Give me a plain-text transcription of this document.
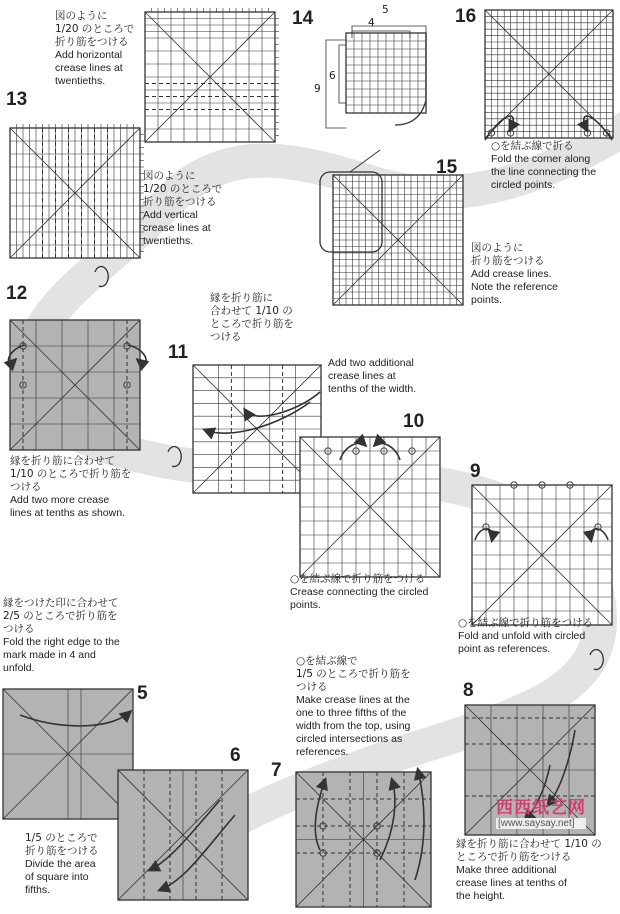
14	16
13
15
12
11
10
9
5
6
7
8
図のように
1/20 のところで
折り筋をつける
Add horizontal
crease lines at
twentieths.
図のように
1/20 のところで
折り筋をつける
Add vertical
crease lines at
twentieths.
○を結ぶ線で折る
Fold the corner along
the line connecting the
circled points.
図のように
折り筋をつける
Add crease lines.
Note the reference
points.
縁を折り筋に
合わせて 1/10 の
ところで折り筋を
つける
Add two additional
crease lines at
tenths of the width.
縁を折り筋に合わせて
1/10 のところで折り筋を
つける
Add two more crease
lines at tenths as shown.
○を結ぶ線で折り筋をつける
Crease connecting the circled
points.
○を結ぶ線で折り筋をつける
Fold and unfold with circled
point as references.
縁をつけた印に合わせて
2/5 のところで折り筋を
つける
Fold the right edge to the
mark made in 4 and
unfold.
1/5 のところで
折り筋をつける
Divide the area
of square into
fifths.
○を結ぶ線で
1/5 のところで折り筋を
つける
Make crease lines at the
one to three fifths of the
width from the top, using
circled intersections as
references.
縁を折り筋に合わせて 1/10 の
ところで折り筋をつける
Make three additional
crease lines at tenths of
the height.
5
4
6
9
西西纸艺网
[www.saysay.net]
